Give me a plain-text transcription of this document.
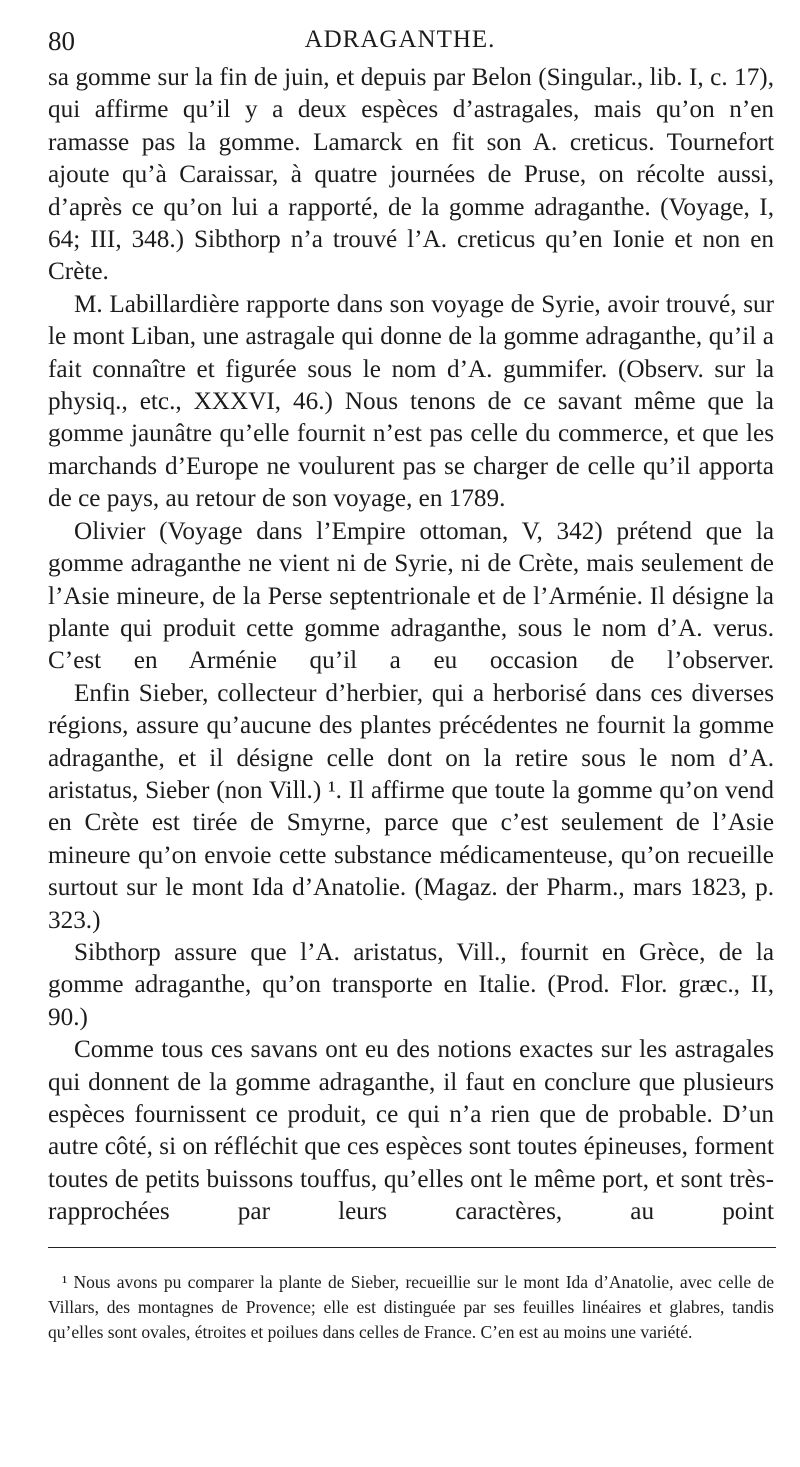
80	ADRAGANTHE.

sa gomme sur la fin de juin, et depuis par Belon (Singular., lib. I, c. 17), qui affirme qu’il y a deux espèces d’astragales, mais qu’on n’en ramasse pas la gomme. Lamarck en fit son A. creticus. Tournefort ajoute qu’à Caraissar, à quatre journées de Pruse, on récolte aussi, d’après ce qu’on lui a rapporté, de la gomme adraganthe. (Voyage, I, 64; III, 348.) Sibthorp n’a trouvé l’A. creticus qu’en Ionie et non en Crète.

M. Labillardière rapporte dans son voyage de Syrie, avoir trouvé, sur le mont Liban, une astragale qui donne de la gomme adraganthe, qu’il a fait connaître et figurée sous le nom d’A. gummifer. (Observ. sur la physiq., etc., XXXVI, 46.) Nous tenons de ce savant même que la gomme jaunâtre qu’elle fournit n’est pas celle du commerce, et que les marchands d’Europe ne voulurent pas se charger de celle qu’il apporta de ce pays, au retour de son voyage, en 1789.

Olivier (Voyage dans l’Empire ottoman, V, 342) prétend que la gomme adraganthe ne vient ni de Syrie, ni de Crète, mais seulement de l’Asie mineure, de la Perse septentrionale et de l’Arménie. Il désigne la plante qui produit cette gomme adraganthe, sous le nom d’A. verus. C’est en Arménie qu’il a eu occasion de l’observer.

Enfin Sieber, collecteur d’herbier, qui a herborisé dans ces diverses régions, assure qu’aucune des plantes précédentes ne fournit la gomme adraganthe, et il désigne celle dont on la retire sous le nom d’A. aristatus, Sieber (non Vill.) ¹. Il affirme que toute la gomme qu’on vend en Crète est tirée de Smyrne, parce que c’est seulement de l’Asie mineure qu’on envoie cette substance médicamenteuse, qu’on recueille surtout sur le mont Ida d’Anatolie. (Magaz. der Pharm., mars 1823, p. 323.)

Sibthorp assure que l’A. aristatus, Vill., fournit en Grèce, de la gomme adraganthe, qu’on transporte en Italie. (Prod. Flor. græc., II, 90.)

Comme tous ces savans ont eu des notions exactes sur les astragales qui donnent de la gomme adraganthe, il faut en conclure que plusieurs espèces fournissent ce produit, ce qui n’a rien que de probable. D’un autre côté, si on réfléchit que ces espèces sont toutes épineuses, forment toutes de petits buissons touffus, qu’elles ont le même port, et sont très-rapprochées par leurs caractères, au point

¹ Nous avons pu comparer la plante de Sieber, recueillie sur le mont Ida d’Anatolie, avec celle de Villars, des montagnes de Provence; elle est distinguée par ses feuilles linéaires et glabres, tandis qu’elles sont ovales, étroites et poilues dans celles de France. C’en est au moins une variété.
